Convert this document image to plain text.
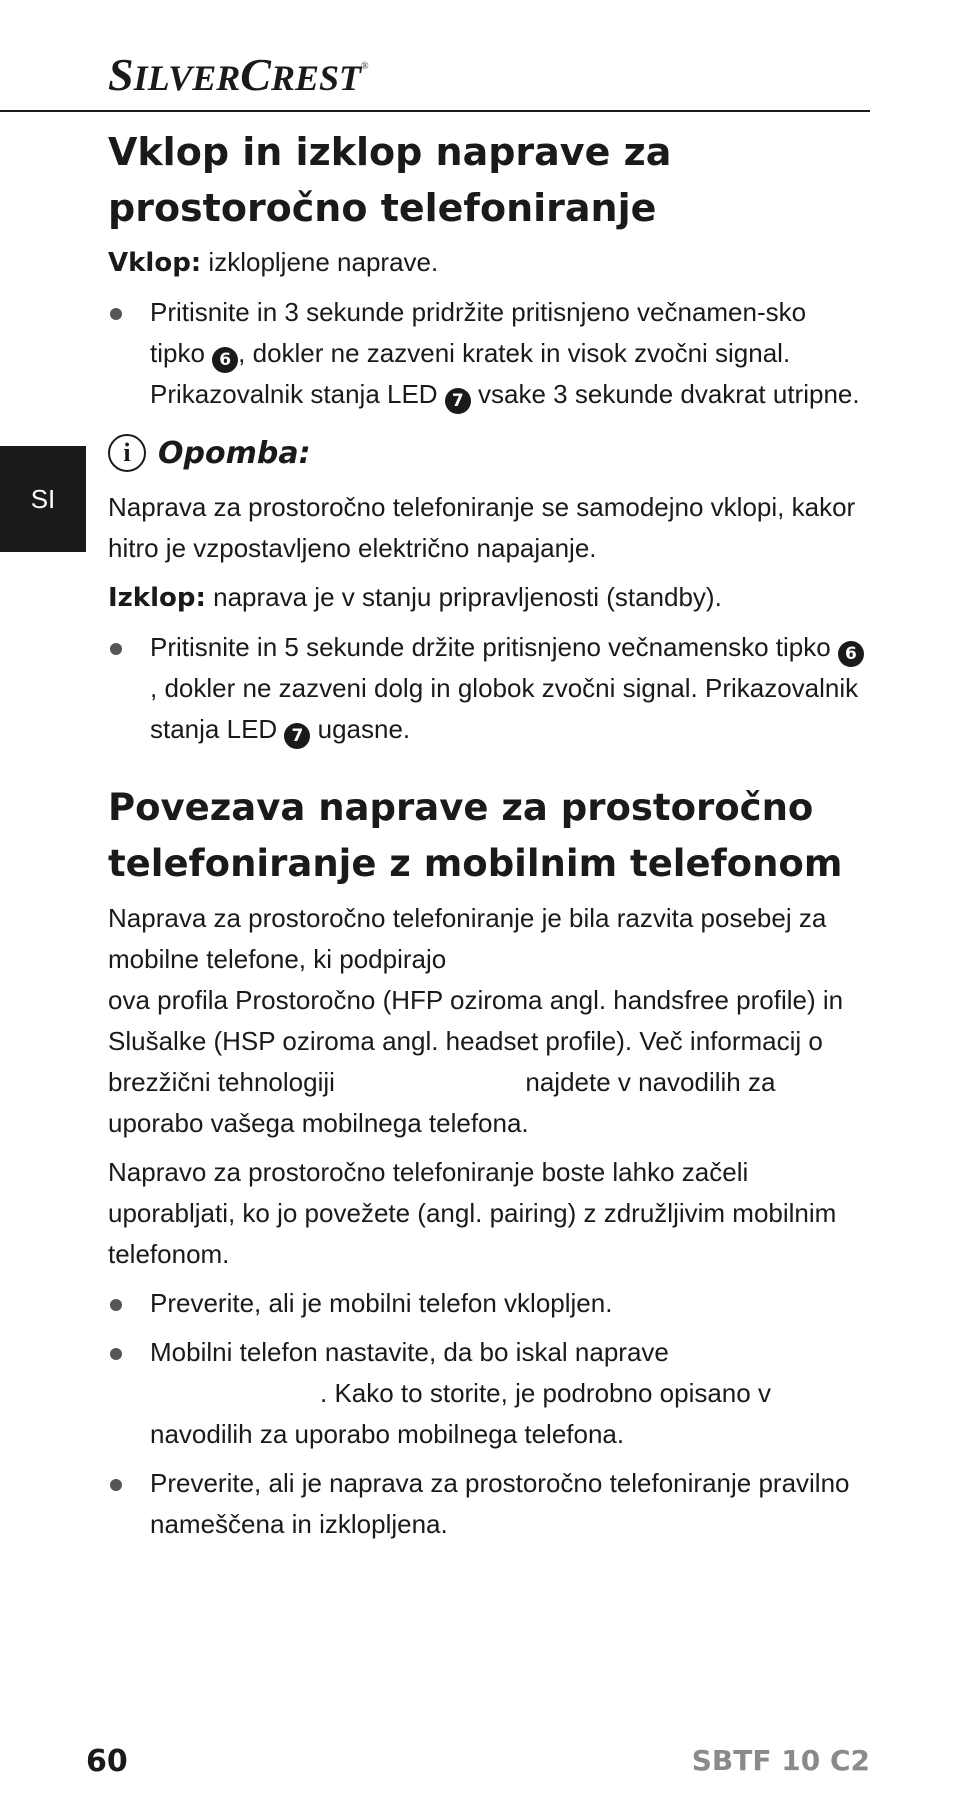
SILVERCREST®
SI
Vklop in izklop naprave za prostoročno telefoniranje

Vklop: izklopljene naprave.

Pritisnite in 3 sekunde pridržite pritisnjeno večnamen-sko tipko 6 , dokler ne zazveni kratek in visok zvočni signal. Prikazovalnik stanja LED 7 vsake 3 sekunde dvakrat utripne.
i Opomba:

Naprava za prostoročno telefoniranje se samodejno vklopi, kakor hitro je vzpostavljeno električno napajanje.

Izklop: naprava je v stanju pripravljenosti (standby).

Pritisnite in 5 sekunde držite pritisnjeno večnamensko tipko 6, dokler ne zazveni dolg in globok zvočni signal. Prikazovalnik stanja LED 7 ugasne.
Povezava naprave za prostoročno telefoniranje z mobilnim telefonom

Naprava za prostoročno telefoniranje je bila razvita posebej za mobilne telefone, ki podpirajo
ova profila Prostoročno (HFP oziroma angl. handsfree profile) in Slušalke (HSP oziroma angl. headset profile). Več informacij o brezžični tehnologiji	najdete v navodilih za uporabo vašega mobilnega telefona.

Napravo za prostoročno telefoniranje boste lahko začeli uporabljati, ko jo povežete (angl. pairing) z združljivim mobilnim telefonom.

Preverite, ali je mobilni telefon vklopljen.
Mobilni telefon nastavite, da bo iskal naprave
. Kako to storite, je podrobno opisano v navodilih za uporabo mobilnega telefona.
Preverite, ali je naprava za prostoročno telefoniranje pravilno nameščena in izklopljena.
60	SBTF 10 C2
